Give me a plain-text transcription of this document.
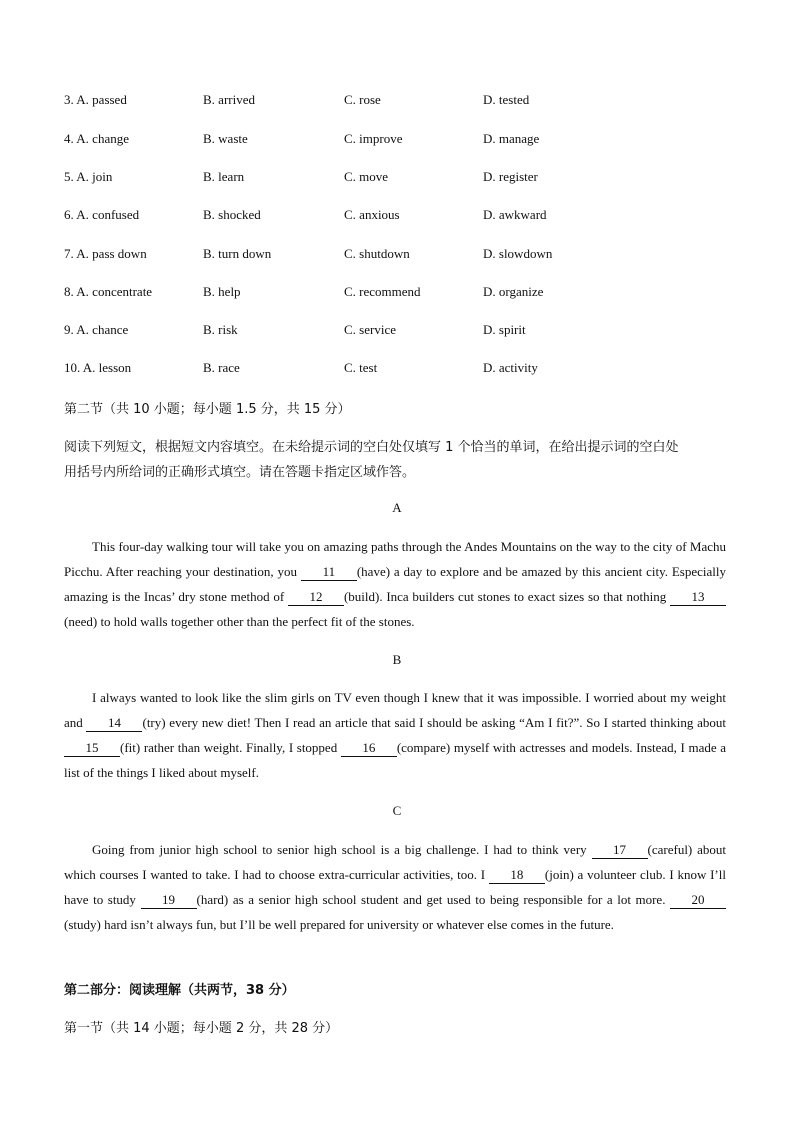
3. A. passed	B. arrived	C. rose	D. tested
4. A. change	B. waste	C. improve	D. manage
5. A. join	B. learn	C. move	D. register
6. A. confused	B. shocked	C. anxious	D. awkward
7. A. pass down	B. turn down	C. shutdown	D. slowdown
8. A. concentrate	B. help	C. recommend	D. organize
9. A. chance	B. risk	C. service	D. spirit
10. A. lesson	B. race	C. test	D. activity
第二节（共 10 小题；每小题 1.5 分，共 15 分）
阅读下列短文，根据短文内容填空。在未给提示词的空白处仅填写 1 个恰当的单词，在给出提示词的空白处
用括号内所给词的正确形式填空。请在答题卡指定区域作答。
A
This four-day walking tour will take you on amazing paths through the Andes Mountains on the way to the city of Machu Picchu. After reaching your destination, you 11 (have) a day to explore and be amazed by this ancient city. Especially amazing is the Incas’ dry stone method of 12 (build). Inca builders cut stones to exact sizes so that nothing 13(need) to hold walls together other than the perfect fit of the stones.
B
I always wanted to look like the slim girls on TV even though I knew that it was impossible. I worried about my weight and 14 (try) every new diet! Then I read an article that said I should be asking “Am I fit?”. So I started thinking about 15 (fit) rather than weight. Finally, I stopped 16 (compare) myself with actresses and models. Instead, I made a list of the things I liked about myself.
C
Going from junior high school to senior high school is a big challenge. I had to think very 17 (careful) about which courses I wanted to take. I had to choose extra-curricular activities, too. I 18 (join) a volunteer club. I know I’ll have to study 19 (hard) as a senior high school student and get used to being responsible for a lot more. 20(study) hard isn’t always fun, but I’ll be well prepared for university or whatever else comes in the future.
第二部分：阅读理解（共两节，38 分）
第一节（共 14 小题；每小题 2 分，共 28 分）
